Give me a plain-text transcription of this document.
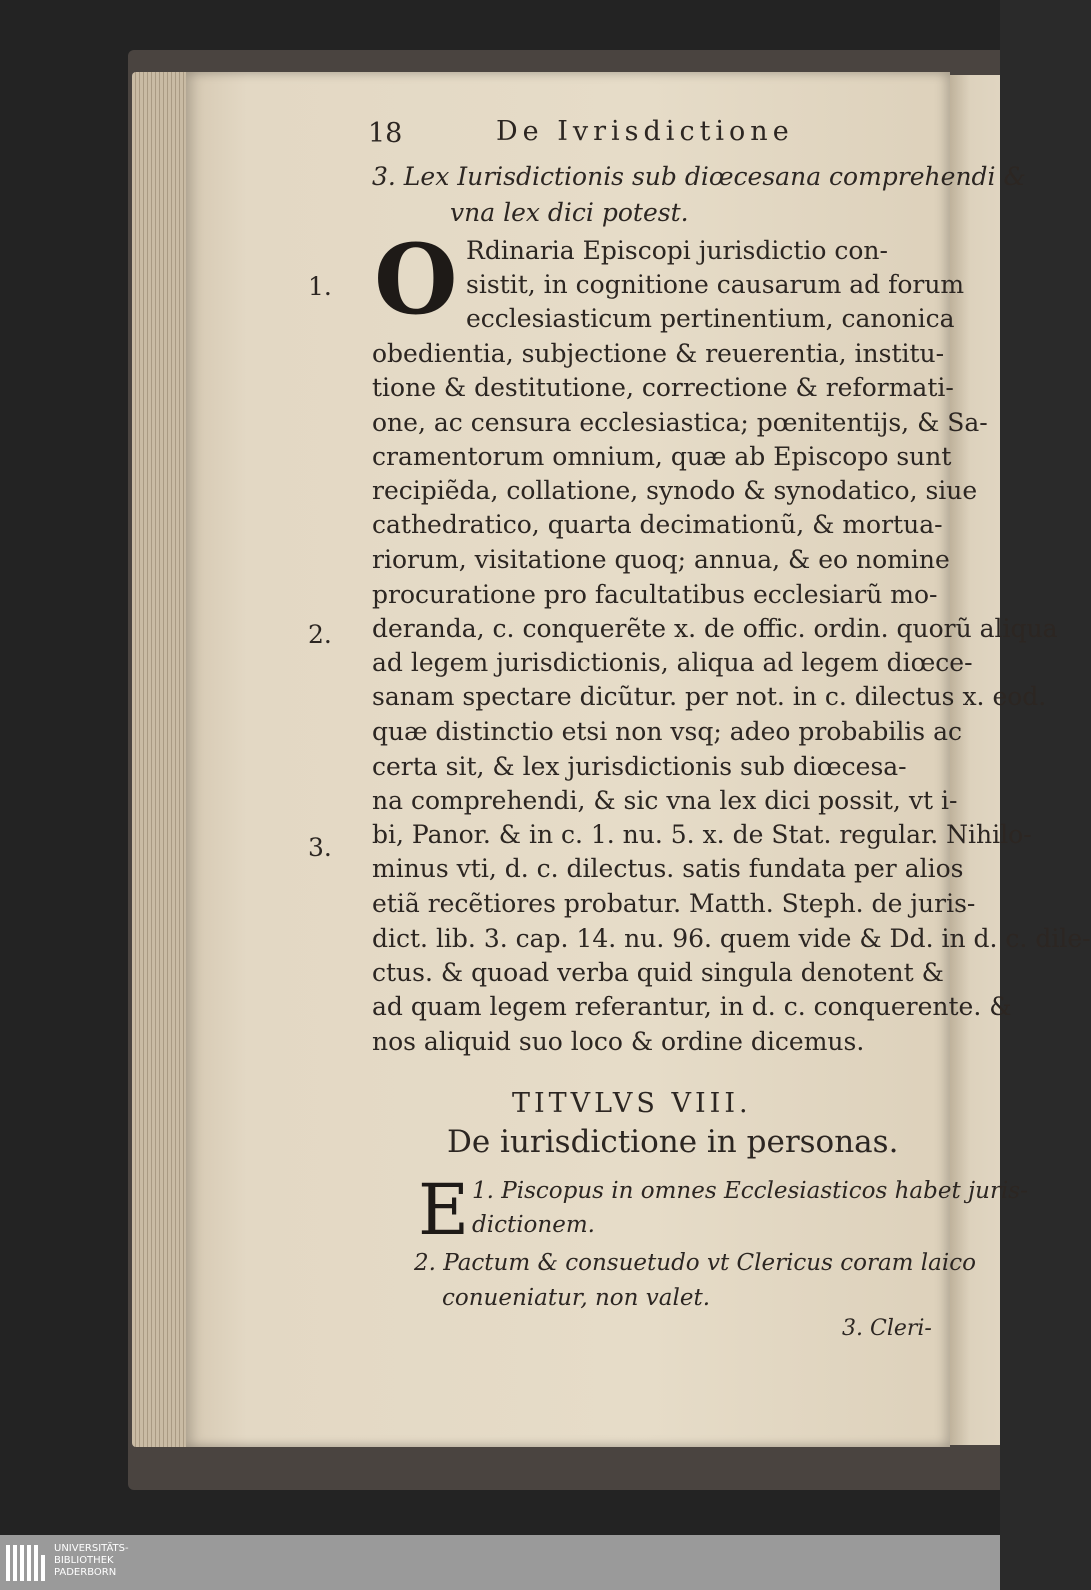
18	De Ivrisdictione
3. Lex Iurisdictionis sub diœcesana comprehendi &
vna lex dici potest.
O
1.
2.
3.
Rdinaria Episcopi jurisdictio con-
sistit, in cognitione causarum ad forum
ecclesiasticum pertinentium, canonica
obedientia, subjectione & reuerentia, institu-
tione & destitutione, correctione & reformati-
one, ac censura ecclesiastica; pœnitentijs, & Sa-
cramentorum omnium, quæ ab Episcopo sunt
recipiẽda, collatione, synodo & synodatico, siue
cathedratico, quarta decimationũ, & mortua-
riorum, visitatione quoq; annua, & eo nomine
procuratione pro facultatibus ecclesiarũ mo-
deranda, c. conquerẽte x. de offic. ordin. quorũ aliqua
ad legem jurisdictionis, aliqua ad legem diœce-
sanam spectare dicũtur. per not. in c. dilectus x. eod.
quæ distinctio etsi non vsq; adeo probabilis ac
certa sit, & lex jurisdictionis sub diœcesa-
na comprehendi, & sic vna lex dici possit, vt i-
bi, Panor. & in c. 1. nu. 5. x. de Stat. regular. Nihilo-
minus vti, d. c. dilectus. satis fundata per alios
etiã recẽtiores probatur. Matth. Steph. de juris-
dict. lib. 3. cap. 14. nu. 96. quem vide & Dd. in d. c. dile-
ctus. & quoad verba quid singula denotent &
ad quam legem referantur, in d. c. conquerente. &
nos aliquid suo loco & ordine dicemus.
TITVLVS VIII.
De iurisdictione in personas.
E 1. Piscopus in omnes Ecclesiasticos habet juris-
dictionem.
2. Pactum & consuetudo vt Clericus coram laico
conueniatur, non valet.
3. Cleri-
UNIVERSITÄTS-
BIBLIOTHEK
PADERBORN
